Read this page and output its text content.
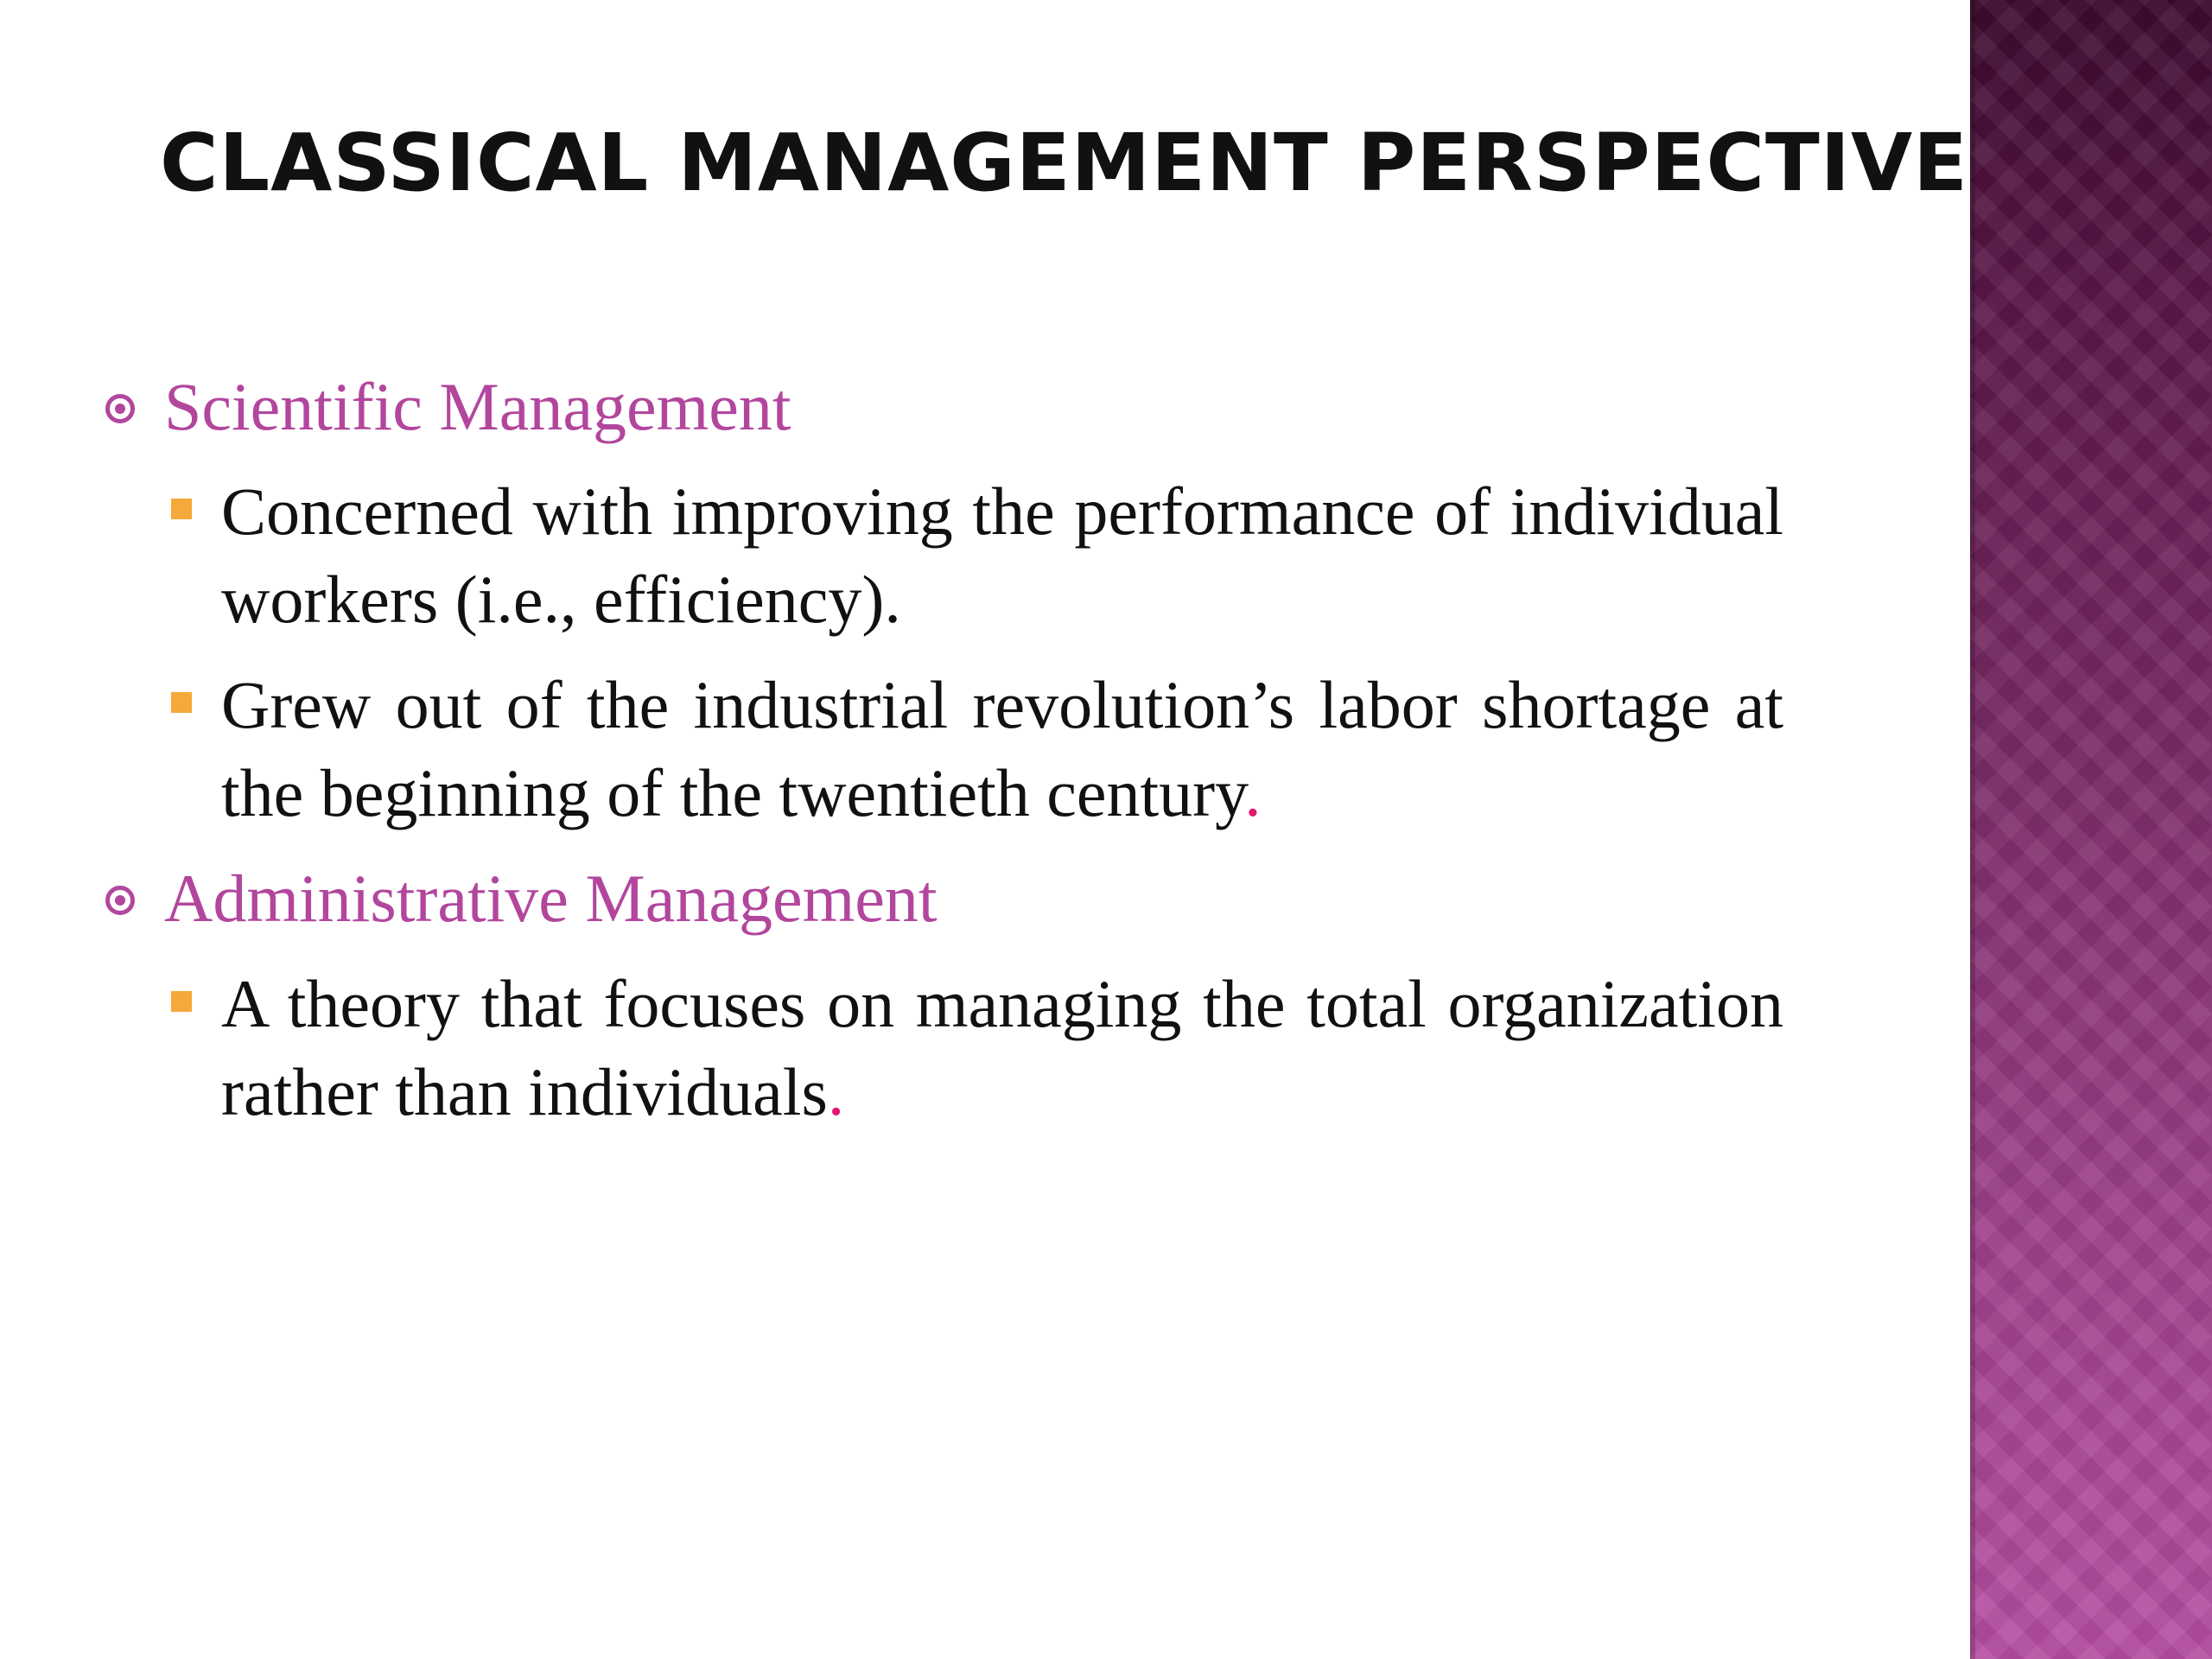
CLASSICAL MANAGEMENT PERSPECTIVE
Scientific Management
Concerned with improving the performance of individual workers (i.e., efficiency).
Grew out of the industrial revolution’s labor shortage at the beginning of the twentieth century.
Administrative Management
A theory that focuses on managing the total organization rather than individuals.
